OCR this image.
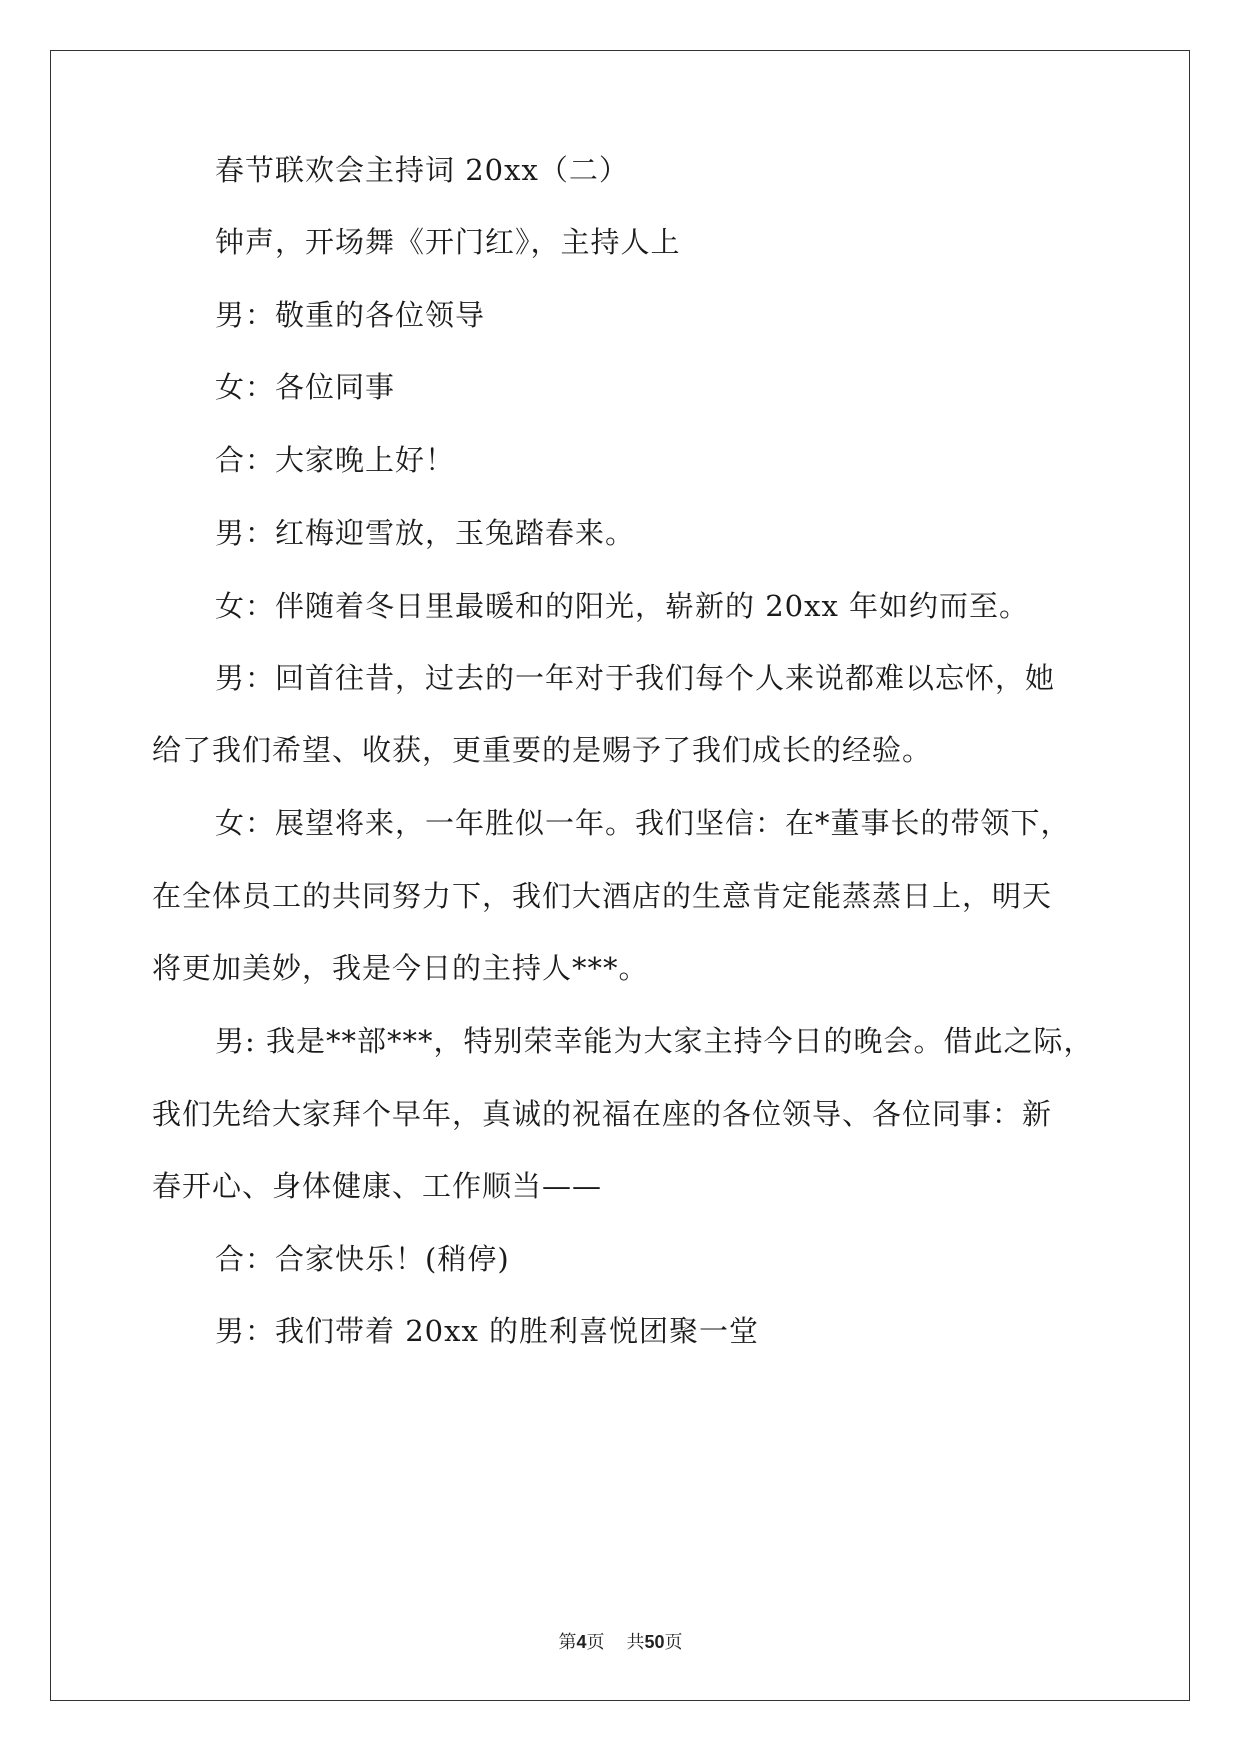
春节联欢会主持词 20xx（二）
钟声，开场舞《开门红》，主持人上
男：敬重的各位领导
女：各位同事
合：大家晚上好！
男：红梅迎雪放，玉兔踏春来。
女：伴随着冬日里最暖和的阳光，崭新的 20xx 年如约而至。
男：回首往昔，过去的一年对于我们每个人来说都难以忘怀，她
给了我们希望、收获，更重要的是赐予了我们成长的经验。
女：展望将来，一年胜似一年。我们坚信：在*董事长的带领下，
在全体员工的共同努力下，我们大酒店的生意肯定能蒸蒸日上，明天
将更加美妙，我是今日的主持人***。
男: 我是**部***，特别荣幸能为大家主持今日的晚会。借此之际，
我们先给大家拜个早年，真诚的祝福在座的各位领导、各位同事：新
春开心、身体健康、工作顺当——
合：合家快乐！(稍停)
男：我们带着 20xx 的胜利喜悦团聚一堂
第4页 共50页
